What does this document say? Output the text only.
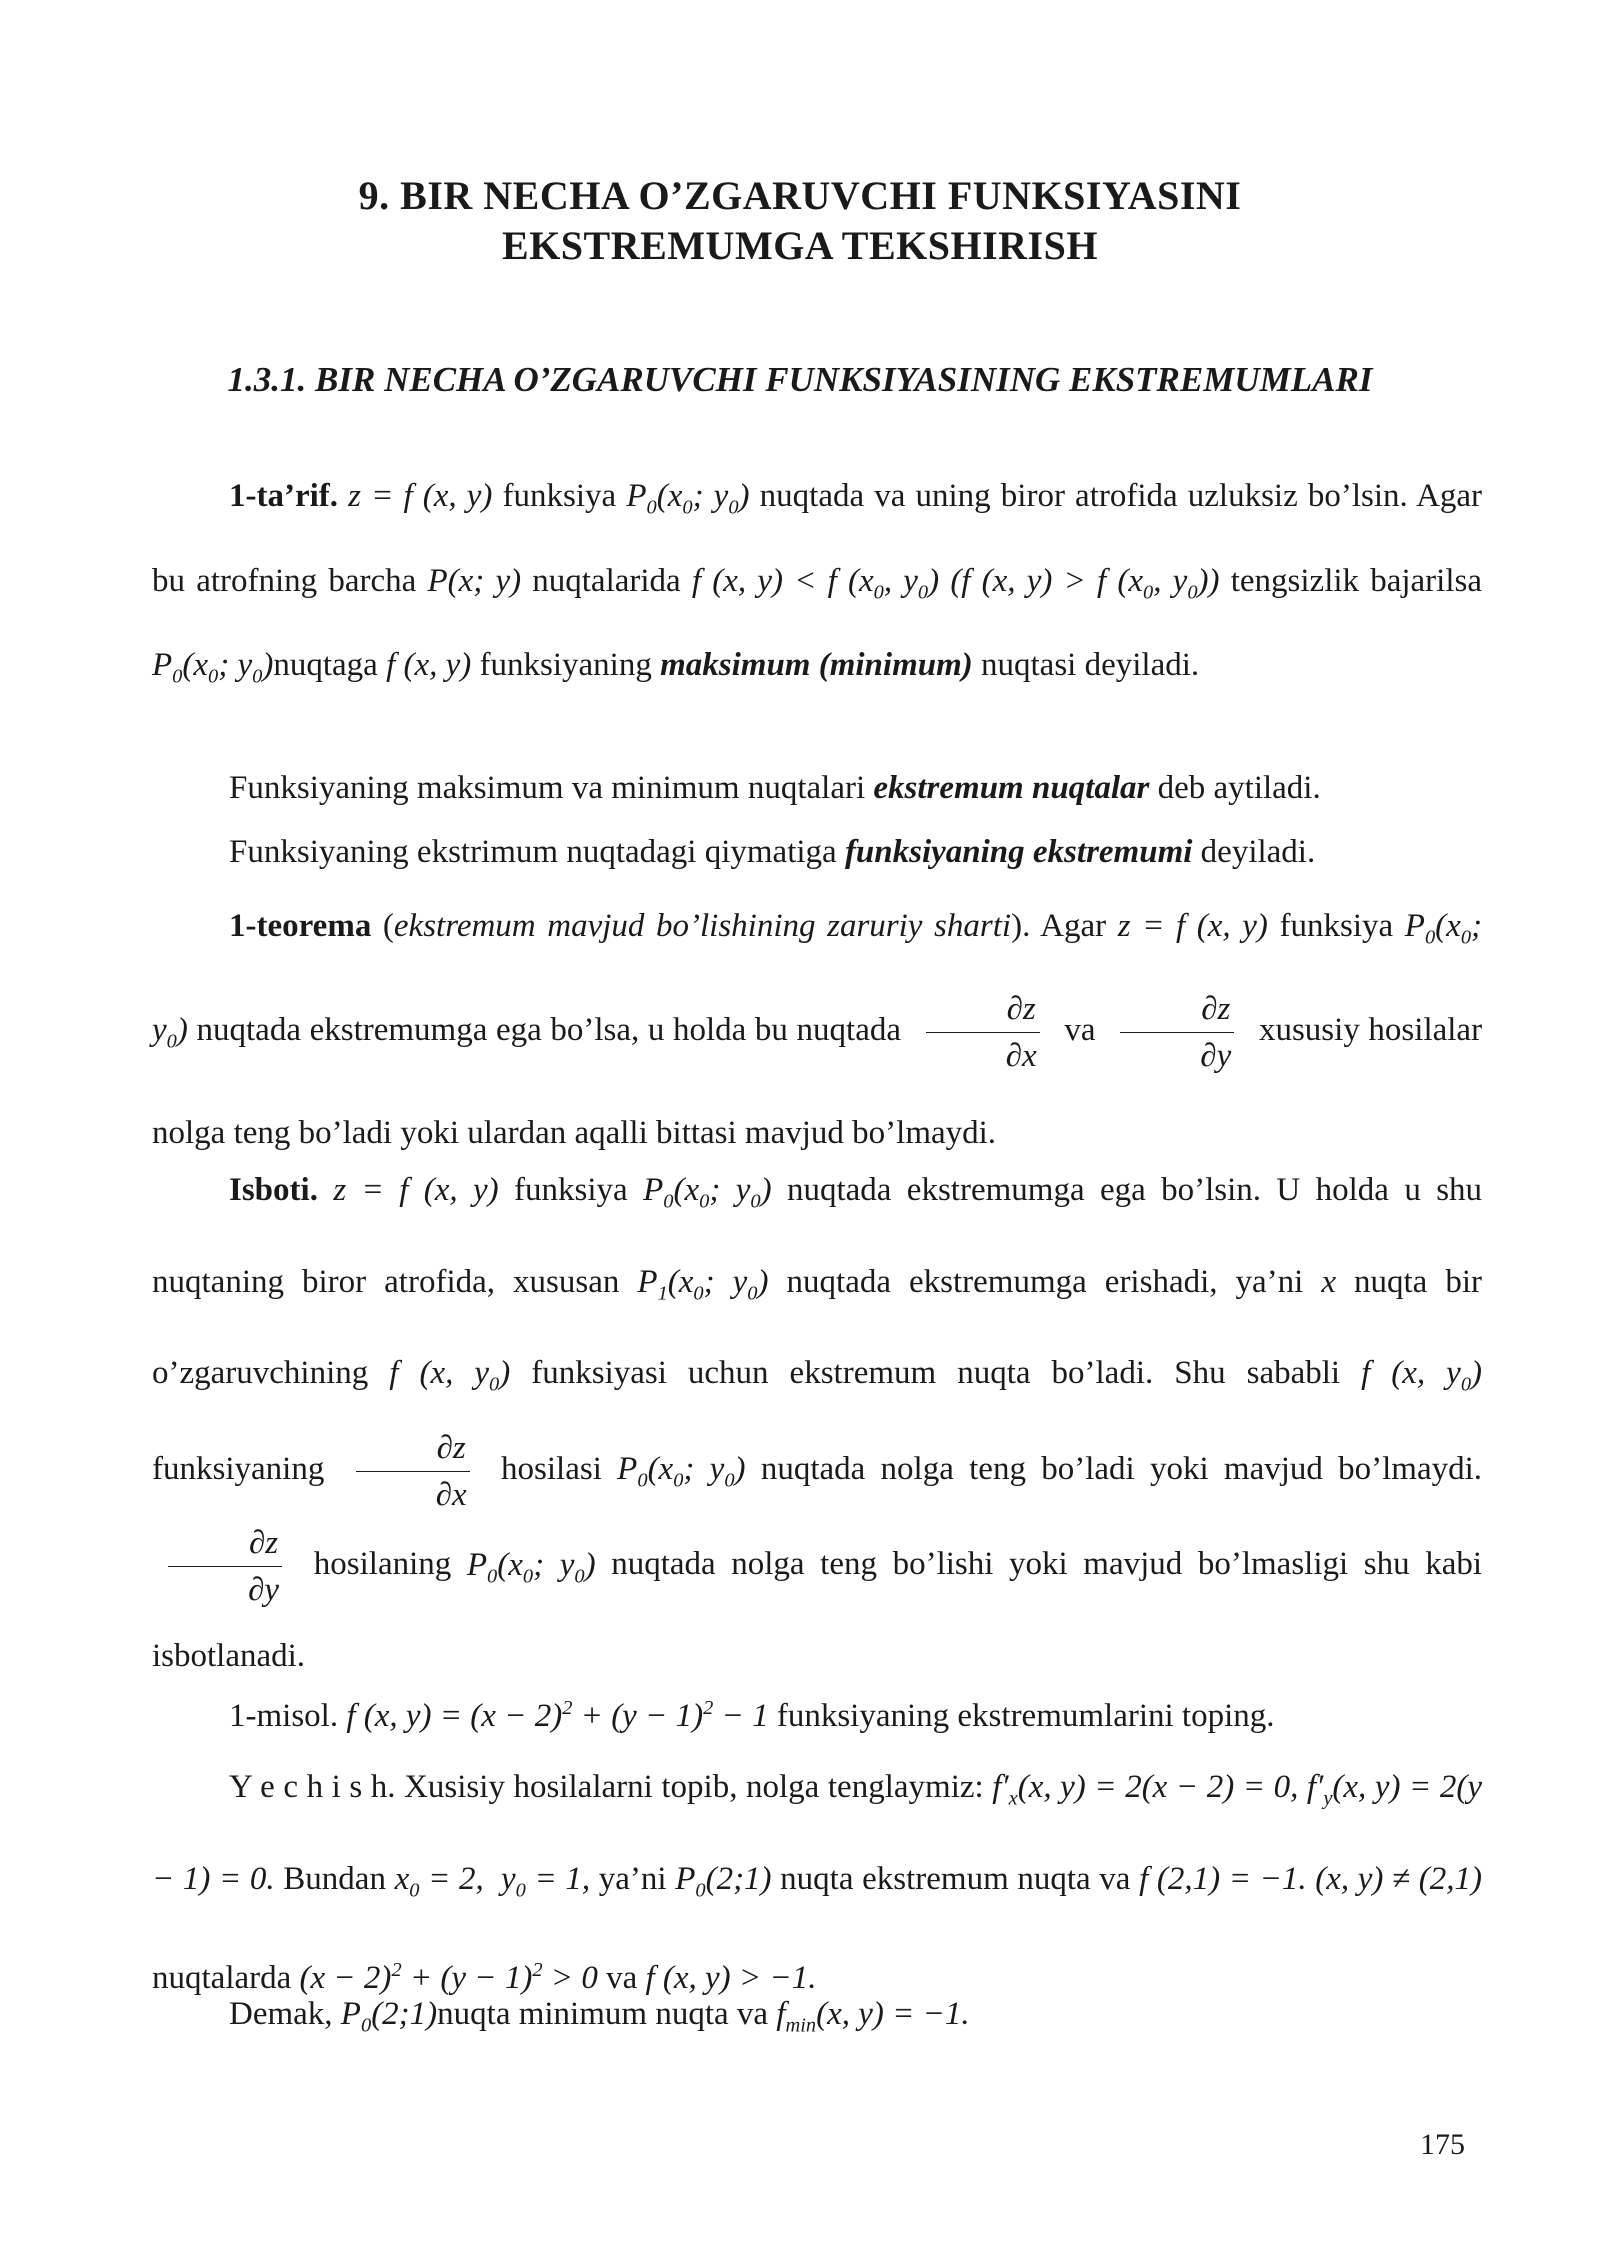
9. BIR NECHA O’ZGARUVCHI FUNKSIYASINI
EKSTREMUMGA TEKSHIRISH
1.3.1. BIR NECHA O’ZGARUVCHI FUNKSIYASINING EKSTREMUMLARI
1-ta’rif. z = f (x, y) funksiya $P_0(x_0$; $y_0$) nuqtada va uning biror atrofida uzluksiz bo’lsin. Agar bu atrofning barcha P(x; y) nuqtalarida f (x, y) < f ($x_0$, $y_0$) (f (x, y) > f ($x_0$, $y_0$)) tengsizlik bajarilsa $P_0(x_0$; $y_0)nuqtaga$ f (x, y) funksiyaning maksimum (minimum) nuqtasi deyiladi.
Funksiyaning maksimum va minimum nuqtalari ekstremum nuqtalar deb aytiladi.
Funksiyaning ekstrimum nuqtadagi qiymatiga funksiyaning ekstremumi deyiladi.
1-teorema (ekstremum mavjud bo’lishining zaruriy sharti). Agar z = f (x, y) funksiya $P_0(x_0$; $y_0$) nuqtada ekstremumga ega bo’lsa, u holda bu nuqtada $\frac{\partial z}{\partial x}$ va $\frac{\partial z}{\partial y}$ xususiy hosilalar nolga teng bo’ladi yoki ulardan aqalli bittasi mavjud bo’lmaydi.
Isboti. z = f (x, y) funksiya $P_0(x_0$; $y_0$) nuqtada ekstremumga ega bo’lsin. U holda u shu nuqtaning biror atrofida, xususan $P_1(x_0$; $y_0$) nuqtada ekstremumga erishadi, ya’ni x nuqta bir o’zgaruvchining f (x, $y_0$) funksiyasi uchun ekstremum nuqta bo’ladi. Shu sababli f (x, $y_0$) funksiyaning $\frac{\partial z}{\partial x}$ hosilasi $P_0(x_0$; $y_0$) nuqtada nolga teng bo’ladi yoki mavjud bo’lmaydi.
$\frac{\partial z}{\partial y}$ hosilaning $P_0(x_0$; $y_0$) nuqtada nolga teng bo’lishi yoki mavjud bo’lmasligi shu kabi isbotlanadi.
1-misol. f (x, $y) = (x - 2)^2 + (y - 1)^2 - 1$ funksiyaning ekstremumlarini toping.
Y e c h i s h. Xusisiy hosilalarni topib, nolga tenglaymiz: $f'_x(x$, y) = 2(x − 2) = 0, $f'_y(x$, y) = 2(y − 1) = 0. Bundan $x_0 = 2$,  $y_0 = 1$, ya’ni $P_0(2;1)$ nuqta ekstremum nuqta va f (2,1) = −1. (x, y) ≠ (2,1) nuqtalarda $(x - 2)^2 + (y - 1)^2 > 0$ va f (x, y) > −1.
Demak, $P_0(2;1)nuqta$ minimum nuqta va $f_{min}(x$, y) = −1.
175
